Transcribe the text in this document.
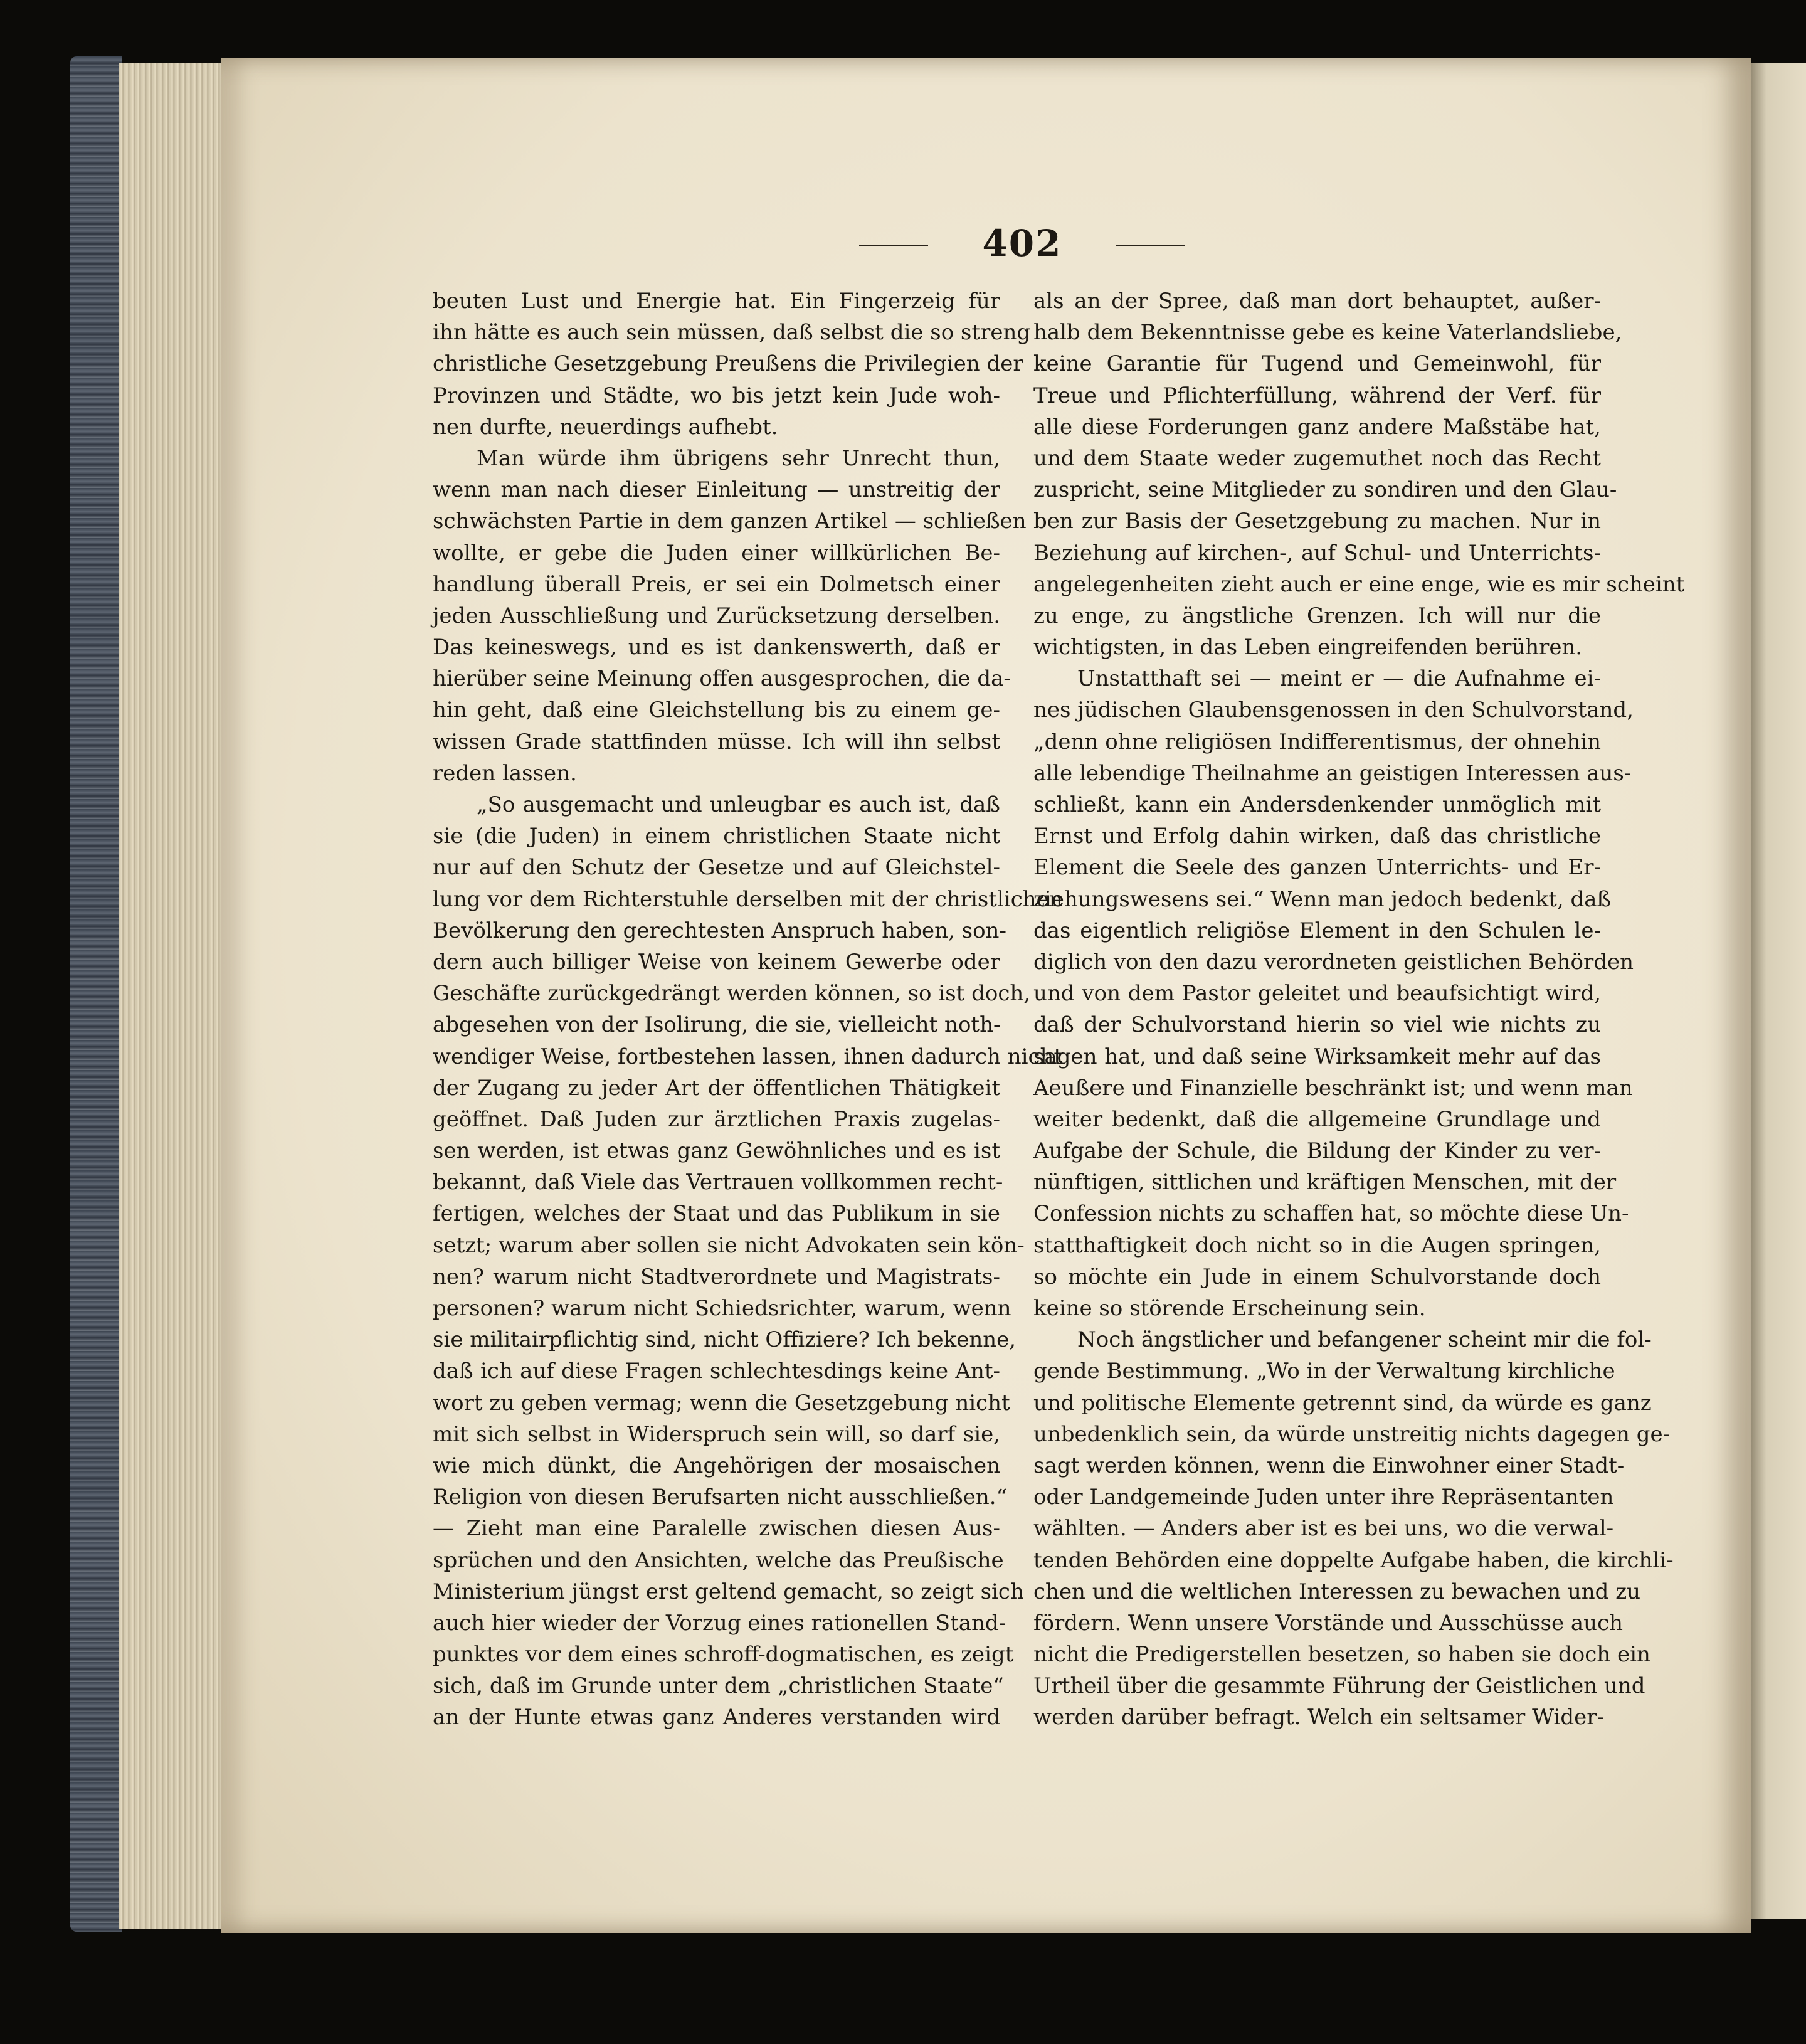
402
beuten Lust und Energie hat. Ein Fingerzeig für
ihn hätte es auch sein müssen, daß selbst die so streng
christliche Gesetzgebung Preußens die Privilegien der
Provinzen und Städte, wo bis jetzt kein Jude woh-
nen durfte, neuerdings aufhebt.
Man würde ihm übrigens sehr Unrecht thun,
wenn man nach dieser Einleitung — unstreitig der
schwächsten Partie in dem ganzen Artikel — schließen
wollte, er gebe die Juden einer willkürlichen Be-
handlung überall Preis, er sei ein Dolmetsch einer
jeden Ausschließung und Zurücksetzung derselben.
Das keineswegs, und es ist dankenswerth, daß er
hierüber seine Meinung offen ausgesprochen, die da-
hin geht, daß eine Gleichstellung bis zu einem ge-
wissen Grade stattfinden müsse. Ich will ihn selbst
reden lassen.
„So ausgemacht und unleugbar es auch ist, daß
sie (die Juden) in einem christlichen Staate nicht
nur auf den Schutz der Gesetze und auf Gleichstel-
lung vor dem Richterstuhle derselben mit der christlichen
Bevölkerung den gerechtesten Anspruch haben, son-
dern auch billiger Weise von keinem Gewerbe oder
Geschäfte zurückgedrängt werden können, so ist doch,
abgesehen von der Isolirung, die sie, vielleicht noth-
wendiger Weise, fortbestehen lassen, ihnen dadurch nicht
der Zugang zu jeder Art der öffentlichen Thätigkeit
geöffnet. Daß Juden zur ärztlichen Praxis zugelas-
sen werden, ist etwas ganz Gewöhnliches und es ist
bekannt, daß Viele das Vertrauen vollkommen recht-
fertigen, welches der Staat und das Publikum in sie
setzt; warum aber sollen sie nicht Advokaten sein kön-
nen? warum nicht Stadtverordnete und Magistrats-
personen? warum nicht Schiedsrichter, warum, wenn
sie militairpflichtig sind, nicht Offiziere? Ich bekenne,
daß ich auf diese Fragen schlechtesdings keine Ant-
wort zu geben vermag; wenn die Gesetzgebung nicht
mit sich selbst in Widerspruch sein will, so darf sie,
wie mich dünkt, die Angehörigen der mosaischen
Religion von diesen Berufsarten nicht ausschließen.“
— Zieht man eine Paralelle zwischen diesen Aus-
sprüchen und den Ansichten, welche das Preußische
Ministerium jüngst erst geltend gemacht, so zeigt sich
auch hier wieder der Vorzug eines rationellen Stand-
punktes vor dem eines schroff-dogmatischen, es zeigt
sich, daß im Grunde unter dem „christlichen Staate“
an der Hunte etwas ganz Anderes verstanden wird
als an der Spree, daß man dort behauptet, außer-
halb dem Bekenntnisse gebe es keine Vaterlandsliebe,
keine Garantie für Tugend und Gemeinwohl, für
Treue und Pflichterfüllung, während der Verf. für
alle diese Forderungen ganz andere Maßstäbe hat,
und dem Staate weder zugemuthet noch das Recht
zuspricht, seine Mitglieder zu sondiren und den Glau-
ben zur Basis der Gesetzgebung zu machen. Nur in
Beziehung auf kirchen-, auf Schul- und Unterrichts-
angelegenheiten zieht auch er eine enge, wie es mir scheint
zu enge, zu ängstliche Grenzen. Ich will nur die
wichtigsten, in das Leben eingreifenden berühren.
Unstatthaft sei — meint er — die Aufnahme ei-
nes jüdischen Glaubensgenossen in den Schulvorstand,
„denn ohne religiösen Indifferentismus, der ohnehin
alle lebendige Theilnahme an geistigen Interessen aus-
schließt, kann ein Andersdenkender unmöglich mit
Ernst und Erfolg dahin wirken, daß das christliche
Element die Seele des ganzen Unterrichts- und Er-
ziehungswesens sei.“ Wenn man jedoch bedenkt, daß
das eigentlich religiöse Element in den Schulen le-
diglich von den dazu verordneten geistlichen Behörden
und von dem Pastor geleitet und beaufsichtigt wird,
daß der Schulvorstand hierin so viel wie nichts zu
sagen hat, und daß seine Wirksamkeit mehr auf das
Aeußere und Finanzielle beschränkt ist; und wenn man
weiter bedenkt, daß die allgemeine Grundlage und
Aufgabe der Schule, die Bildung der Kinder zu ver-
nünftigen, sittlichen und kräftigen Menschen, mit der
Confession nichts zu schaffen hat, so möchte diese Un-
statthaftigkeit doch nicht so in die Augen springen,
so möchte ein Jude in einem Schulvorstande doch
keine so störende Erscheinung sein.
Noch ängstlicher und befangener scheint mir die fol-
gende Bestimmung. „Wo in der Verwaltung kirchliche
und politische Elemente getrennt sind, da würde es ganz
unbedenklich sein, da würde unstreitig nichts dagegen ge-
sagt werden können, wenn die Einwohner einer Stadt-
oder Landgemeinde Juden unter ihre Repräsentanten
wählten. — Anders aber ist es bei uns, wo die verwal-
tenden Behörden eine doppelte Aufgabe haben, die kirchli-
chen und die weltlichen Interessen zu bewachen und zu
fördern. Wenn unsere Vorstände und Ausschüsse auch
nicht die Predigerstellen besetzen, so haben sie doch ein
Urtheil über die gesammte Führung der Geistlichen und
werden darüber befragt. Welch ein seltsamer Wider-
